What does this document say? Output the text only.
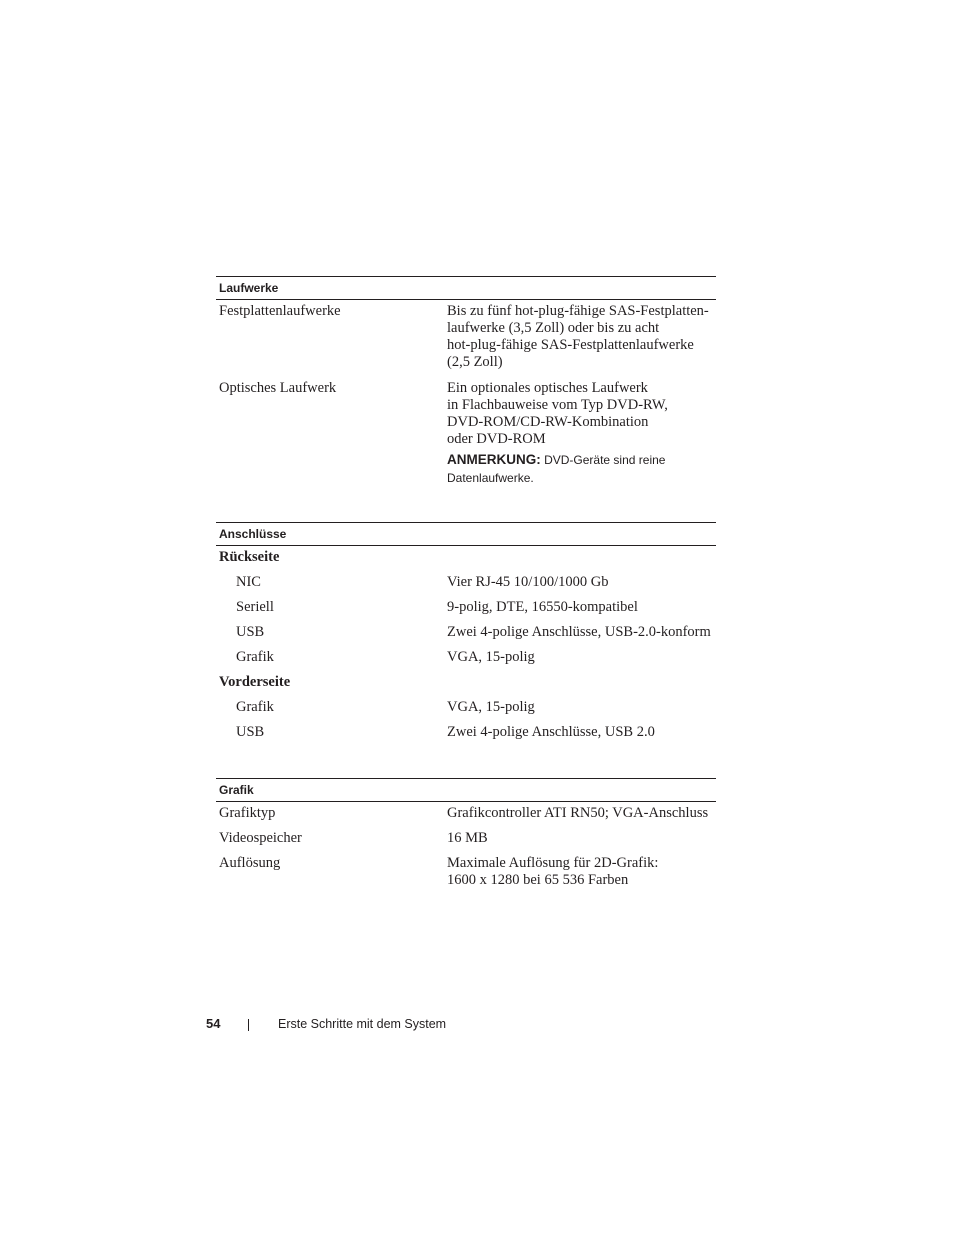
Laufwerke
Festplattenlaufwerke	Bis zu fünf hot-plug-fähige SAS-Festplatten-
laufwerke (3,5 Zoll) oder bis zu acht
hot-plug-fähige SAS-Festplattenlaufwerke
(2,5 Zoll)
Optisches Laufwerk	Ein optionales optisches Laufwerk
in Flachbauweise vom Typ DVD-RW,
DVD-ROM/CD-RW-Kombination
oder DVD-ROM
ANMERKUNG: DVD-Geräte sind reine
Datenlaufwerke.
Anschlüsse
Rückseite
NIC	Vier RJ-45 10/100/1000 Gb
Seriell	9-polig, DTE, 16550-kompatibel
USB	Zwei 4-polige Anschlüsse, USB-2.0-konform
Grafik	VGA, 15-polig
Vorderseite
Grafik	VGA, 15-polig
USB	Zwei 4-polige Anschlüsse, USB 2.0
Grafik
Grafiktyp	Grafikcontroller ATI RN50; VGA-Anschluss
Videospeicher	16 MB
Auflösung	Maximale Auflösung für 2D-Grafik:
1600 x 1280 bei 65 536 Farben
54	Erste Schritte mit dem System
